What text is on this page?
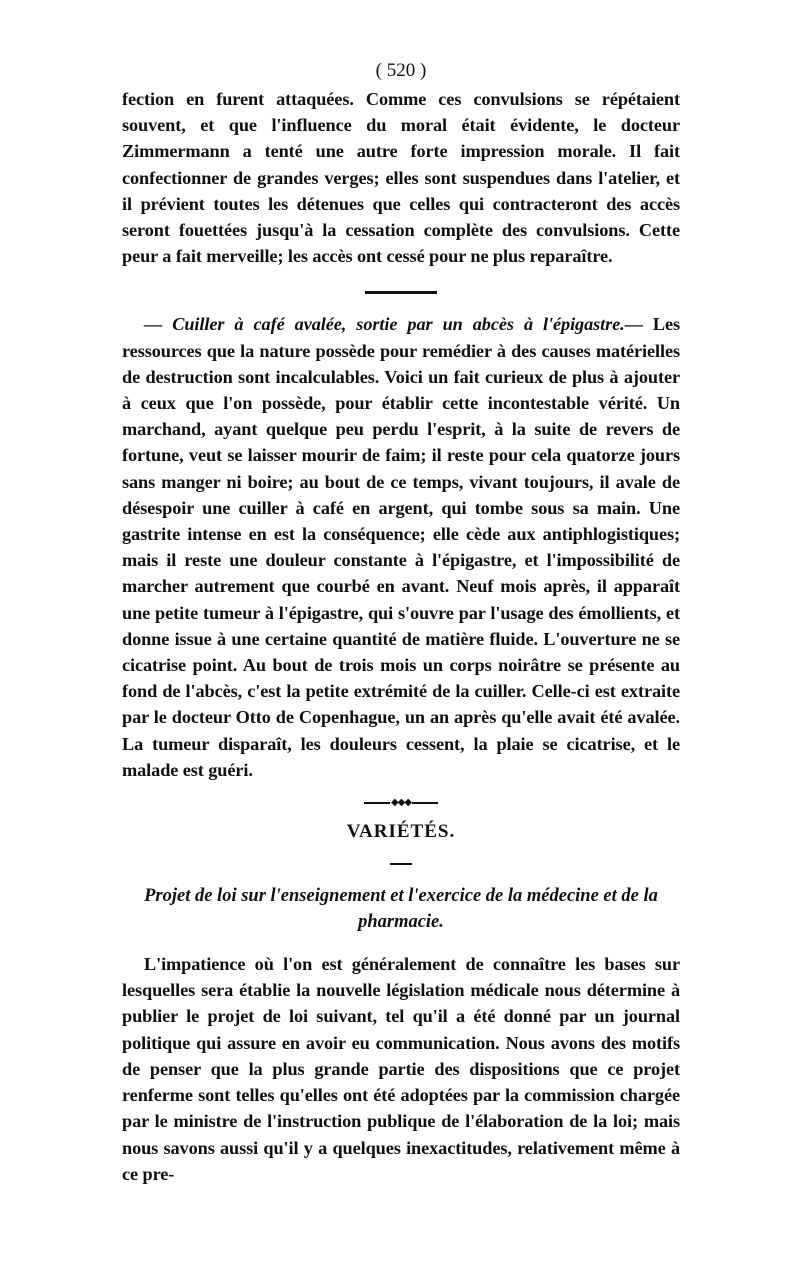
( 520 )

fection en furent attaquées. Comme ces convulsions se répétaient souvent, et que l'influence du moral était évidente, le docteur Zimmermann a tenté une autre forte impression morale. Il fait confectionner de grandes verges; elles sont suspendues dans l'atelier, et il prévient toutes les détenues que celles qui contracteront des accès seront fouettées jusqu'à la cessation complète des convulsions. Cette peur a fait merveille; les accès ont cessé pour ne plus reparaître.

— Cuiller à café avalée, sortie par un abcès à l'épigastre.— Les ressources que la nature possède pour remédier à des causes matérielles de destruction sont incalculables. Voici un fait curieux de plus à ajouter à ceux que l'on possède, pour établir cette incontestable vérité. Un marchand, ayant quelque peu perdu l'esprit, à la suite de revers de fortune, veut se laisser mourir de faim; il reste pour cela quatorze jours sans manger ni boire; au bout de ce temps, vivant toujours, il avale de désespoir une cuiller à café en argent, qui tombe sous sa main. Une gastrite intense en est la conséquence; elle cède aux antiphlogistiques; mais il reste une douleur constante à l'épigastre, et l'impossibilité de marcher autrement que courbé en avant. Neuf mois après, il apparaît une petite tumeur à l'épigastre, qui s'ouvre par l'usage des émollients, et donne issue à une certaine quantité de matière fluide. L'ouverture ne se cicatrise point. Au bout de trois mois un corps noirâtre se présente au fond de l'abcès, c'est la petite extrémité de la cuiller. Celle-ci est extraite par le docteur Otto de Copenhague, un an après qu'elle avait été avalée. La tumeur disparaît, les douleurs cessent, la plaie se cicatrise, et le malade est guéri.

◆◆◆
VARIÉTÉS.
Projet de loi sur l'enseignement et l'exercice de la médecine et de la pharmacie.

L'impatience où l'on est généralement de connaître les bases sur lesquelles sera établie la nouvelle législation médicale nous détermine à publier le projet de loi suivant, tel qu'il a été donné par un journal politique qui assure en avoir eu communication. Nous avons des motifs de penser que la plus grande partie des dispositions que ce projet renferme sont telles qu'elles ont été adoptées par la commission chargée par le ministre de l'instruction publique de l'élaboration de la loi; mais nous savons aussi qu'il y a quelques inexactitudes, relativement même à ce pre-
